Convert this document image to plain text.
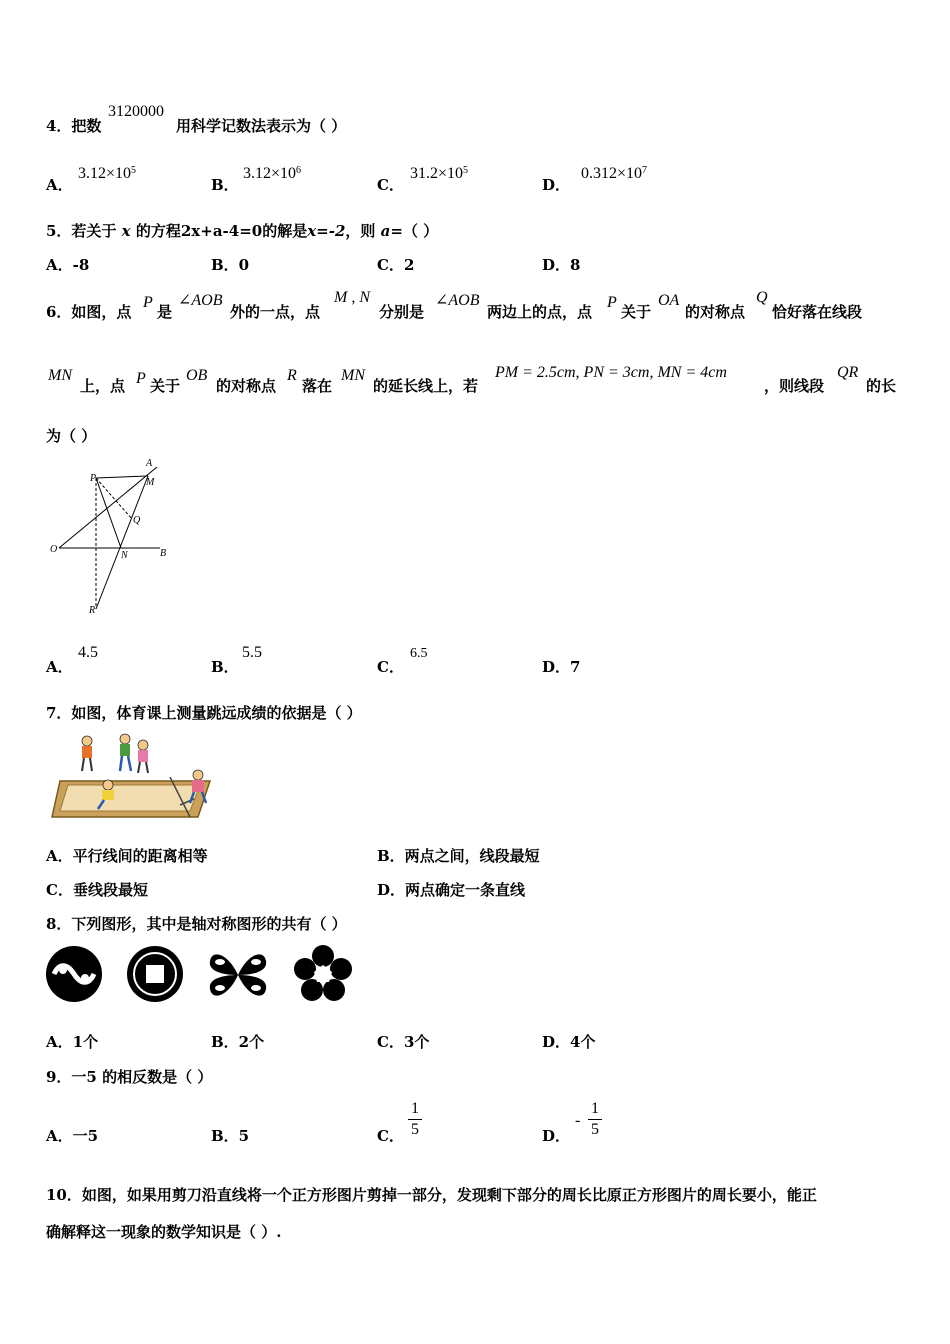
4．把数
3120000
用科学记数法表示为（ ）
A．
$3.12\times 10^5$
B．
$3.12\times 10^6$
C．
$31.2\times 10^5$
D．
$0.312\times 10^7$
5．若关于 x 的方程2x+a-4=0的解是x=-2，则 a=（ ）
A．-8	B．0	C．2	D．8
6．如图，点
P
是
∠AOB
外的一点，点
M , N
分别是
∠AOB
两边上的点，点
P
关于
OA
的对称点
Q
恰好落在线段
MN
上，点 P 关于
OB
的对称点
R
落在
MN
的延长线上，若
PM = 2.5cm, PN = 3cm, MN = 4cm
，则线段
QR
的长
为（ ）
A
P	M
Q
O
N	B
R
A．
4.5
B．
5.5
C．
6.5
D．7
7．如图，体育课上测量跳远成绩的依据是（ ）
A．平行线间的距离相等	B．两点之间，线段最短
C．垂线段最短	D．两点确定一条直线
8．下列图形，其中是轴对称图形的共有（ ）
A．1个	B．2个	C．3个	D．4个
9．一5 的相反数是（ ）
A．一5	B．5	C．
1
5	D．
-
1
5
10．如图，如果用剪刀沿直线将一个正方形图片剪掉一部分，发现剩下部分的周长比原正方形图片的周长要小，能正
确解释这一现象的数学知识是（ ）.
